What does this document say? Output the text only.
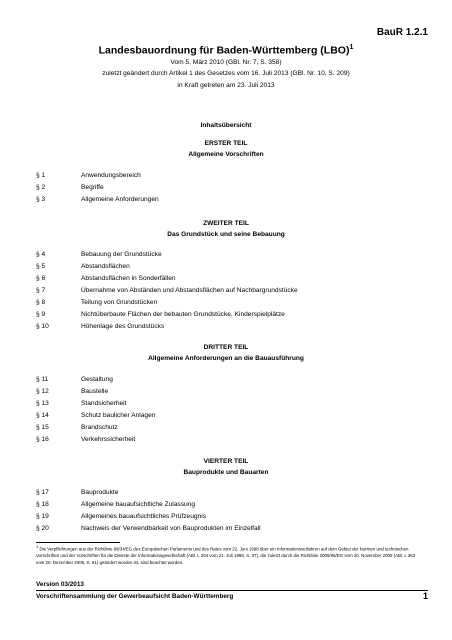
BauR 1.2.1
Landesbauordnung für Baden-Württemberg (LBO)$^1$
Vom 5. März 2010 (GBl. Nr. 7, S. 358)
zuletzt geändert durch Artikel 1 des Gesetzes vom 16. Juli 2013 (GBl. Nr. 10, S. 209)
in Kraft getreten am 23. Juli 2013
Inhaltsübersicht
ERSTER TEIL
Allgemeine Vorschriften
§ 1	Anwendungsbereich
§ 2	Begriffe
§ 3	Allgemeine Anforderungen
ZWEITER TEIL
Das Grundstück und seine Bebauung
§ 4	Bebauung der Grundstücke
§ 5	Abstandsflächen
§ 6	Abstandsflächen in Sonderfällen
§ 7	Übernahme von Abständen und Abstandsflächen auf Nachbargrundstücke
§ 8	Teilung von Grundstücken
§ 9	Nichtüberbaute Flächen der bebauten Grundstücke, Kinderspielplätze
§ 10	Höhenlage des Grundstücks
DRITTER TEIL
Allgemeine Anforderungen an die Bauausführung
§ 11	Gestaltung
§ 12	Baustelle
§ 13	Standsicherheit
§ 14	Schutz baulicher Anlagen
§ 15	Brandschutz
§ 16	Verkehrssicherheit
VIERTER TEIL
Bauprodukte und Bauarten
§ 17	Bauprodukte
§ 18	Allgemeine bauaufsichtliche Zulassung
§ 19	Allgemeines bauaufsichtliches Prüfzeugnis
§ 20	Nachweis der Verwendbarkeit von Bauprodukten im Einzelfall
$^1$ Die Verpflichtungen aus der Richtlinie 98/34/EG des Europäischen Parlaments und des Rates vom 22. Juni 1998 über ein Informationsverfahren auf dem Gebiet der Normen und technischen Vorschriften und der Vorschriften für die Dienste der Informationsgesellschaft (ABl. L 204 vom 21. Juli 1998, S. 37), die zuletzt durch die Richtlinie 2006/96/EG vom 20. November 2006 (ABl. L 363 vom 20. Dezember 2006, S. 81) geändert worden ist, sind beachtet worden.
Version 03/2013
Vorschriftensammlung der Gewerbeaufsicht Baden-Württemberg	1
